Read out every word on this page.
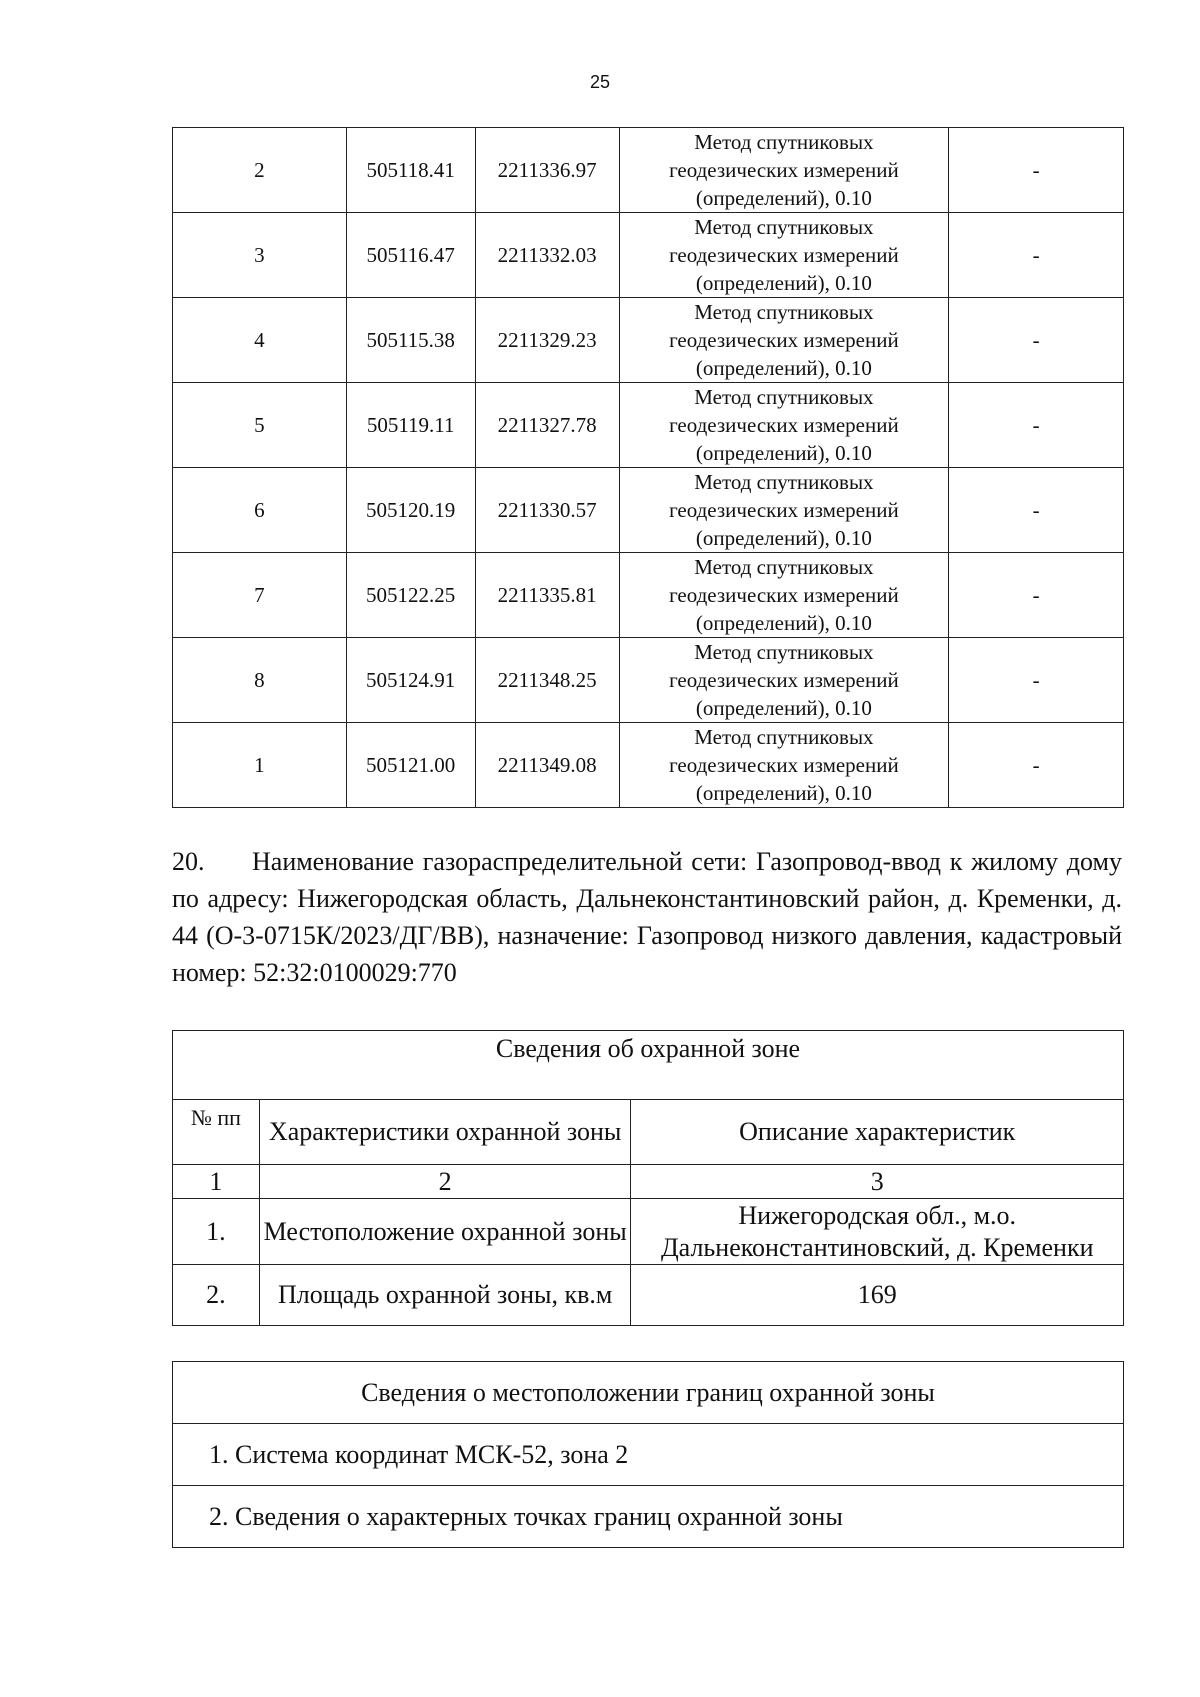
25
2	505118.41	2211336.97	Метод спутниковых
геодезических измерений
(определений), 0.10	-
3	505116.47	2211332.03	Метод спутниковых
геодезических измерений
(определений), 0.10	-
4	505115.38	2211329.23	Метод спутниковых
геодезических измерений
(определений), 0.10	-
5	505119.11	2211327.78	Метод спутниковых
геодезических измерений
(определений), 0.10	-
6	505120.19	2211330.57	Метод спутниковых
геодезических измерений
(определений), 0.10	-
7	505122.25	2211335.81	Метод спутниковых
геодезических измерений
(определений), 0.10	-
8	505124.91	2211348.25	Метод спутниковых
геодезических измерений
(определений), 0.10	-
1	505121.00	2211349.08	Метод спутниковых
геодезических измерений
(определений), 0.10	-
20. Наименование газораспределительной сети: Газопровод-ввод к жилому дому по адресу: Нижегородская область, Дальнеконстантиновский район, д. Кременки, д. 44 (О-3-0715К/2023/ДГ/ВВ), назначение: Газопровод низкого давления, кадастровый номер: 52:32:0100029:770
Сведения об охранной зоне		
№ пп	Характеристики охранной зоны	Описание характеристик
1	2	3
1.	Местоположение охранной зоны	Нижегородская обл., м.о. Дальнеконстантиновский, д. Кременки
2.	Площадь охранной зоны, кв.м	169
Сведения о местоположении границ охранной зоны
1. Система координат МСК-52, зона 2
2. Сведения о характерных точках границ охранной зоны
